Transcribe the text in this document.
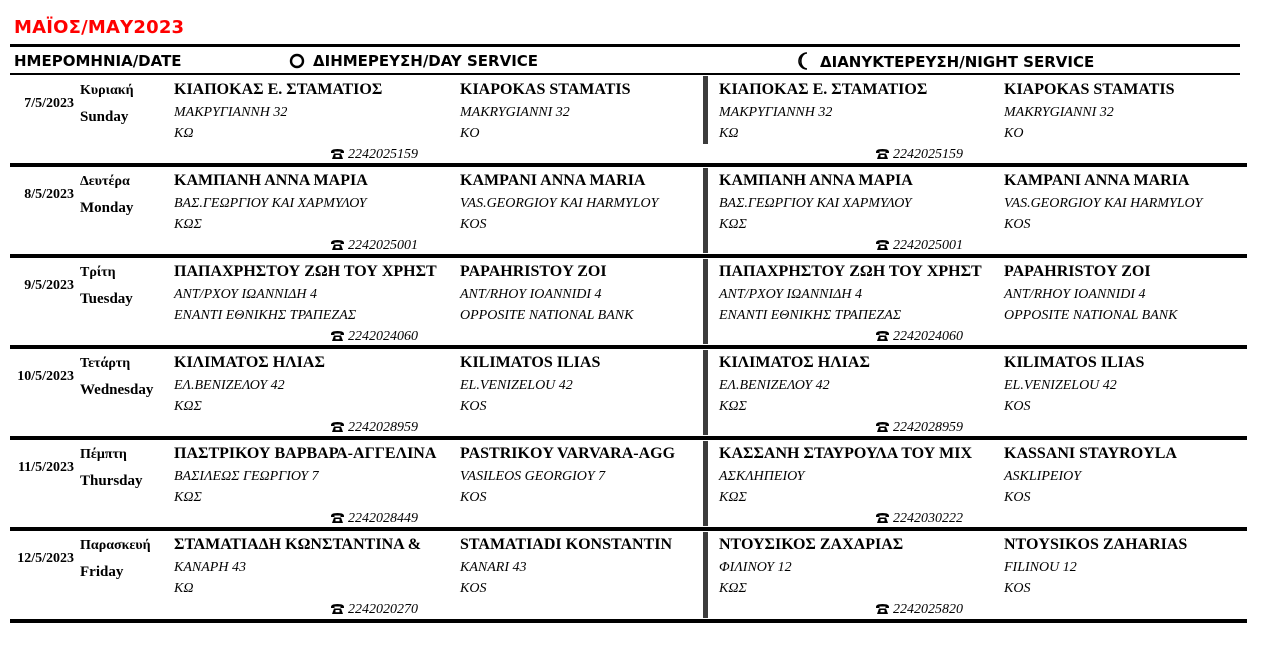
ΜΑΪΟΣ/ΜΑΥ2023
ΗΜΕΡΟΜΗΝΙΑ/DATE	ΔΙΗΜΕΡΕΥΣΗ/DAY SERVICE	ΔΙΑΝΥΚΤΕΡΕΥΣΗ/NIGHT SERVICE
7/5/2023
Κυριακή
Sunday
ΚΙΑΠΟΚΑΣ Ε. ΣΤΑΜΑΤΙΟΣ
ΜΑΚΡΥΓΙΑΝΝΗ 32
ΚΩ
KIAPOKAS STAMATIS
MAKRYGIANNI 32
KO
2242025159
ΚΙΑΠΟΚΑΣ Ε. ΣΤΑΜΑΤΙΟΣ
ΜΑΚΡΥΓΙΑΝΝΗ 32
ΚΩ
KIAPOKAS STAMATIS
MAKRYGIANNI 32
KO
2242025159
8/5/2023
Δευτέρα
Monday
ΚΑΜΠΑΝΗ ΑΝΝΑ ΜΑΡΙΑ
ΒΑΣ.ΓΕΩΡΓΙΟΥ ΚΑΙ ΧΑΡΜΥΛΟΥ
ΚΩΣ
KAMPANI ANNA MARIA
VAS.GEORGIOY KAI HARMYLOY
KOS
2242025001
ΚΑΜΠΑΝΗ ΑΝΝΑ ΜΑΡΙΑ
ΒΑΣ.ΓΕΩΡΓΙΟΥ ΚΑΙ ΧΑΡΜΥΛΟΥ
ΚΩΣ
KAMPANI ANNA MARIA
VAS.GEORGIOY KAI HARMYLOY
KOS
2242025001
9/5/2023
Τρίτη
Tuesday
ΠΑΠΑΧΡΗΣΤΟΥ ΖΩΗ ΤΟΥ ΧΡΗΣΤ
ΑΝΤ/ΡΧΟΥ ΙΩΑΝΝΙΔΗ 4
ΕΝΑΝΤΙ ΕΘΝΙΚΗΣ ΤΡΑΠΕΖΑΣ
PAPAHRISTOY ZOI
ANT/RHOY IOANNIDI 4
OPPOSITE NATIONAL BANK
2242024060
ΠΑΠΑΧΡΗΣΤΟΥ ΖΩΗ ΤΟΥ ΧΡΗΣΤ
ΑΝΤ/ΡΧΟΥ ΙΩΑΝΝΙΔΗ 4
ΕΝΑΝΤΙ ΕΘΝΙΚΗΣ ΤΡΑΠΕΖΑΣ
PAPAHRISTOY ZOI
ANT/RHOY IOANNIDI 4
OPPOSITE NATIONAL BANK
2242024060
10/5/2023
Τετάρτη
Wednesday
ΚΙΛΙΜΑΤΟΣ ΗΛΙΑΣ
ΕΛ.ΒΕΝΙΖΕΛΟΥ 42
ΚΩΣ
KILIMATOS ILIAS
EL.VENIZELOU 42
KOS
2242028959
ΚΙΛΙΜΑΤΟΣ ΗΛΙΑΣ
ΕΛ.ΒΕΝΙΖΕΛΟΥ 42
ΚΩΣ
KILIMATOS ILIAS
EL.VENIZELOU 42
KOS
2242028959
11/5/2023
Πέμπτη
Thursday
ΠΑΣΤΡΙΚΟΥ ΒΑΡΒΑΡΑ-ΑΓΓΕΛΙΝΑ
ΒΑΣΙΛΕΩΣ ΓΕΩΡΓΙΟΥ 7
ΚΩΣ
PASTRIKOY VARVARA-AGG
VASILEOS GEORGIOY 7
KOS
2242028449
ΚΑΣΣΑΝΗ ΣΤΑΥΡΟΥΛΑ ΤΟΥ ΜΙΧ
ΑΣΚΛΗΠΕΙΟΥ
ΚΩΣ
KASSANI STAYROYLA
ASKLIPEIOY
KOS
2242030222
12/5/2023
Παρασκευή
Friday
ΣΤΑΜΑΤΙΑΔΗ ΚΩΝΣΤΑΝΤΙΝΑ &
ΚΑΝΑΡΗ 43
ΚΩ
STAMATIADI KONSTANTIN
KANARI 43
KOS
2242020270
ΝΤΟΥΣΙΚΟΣ ΖΑΧΑΡΙΑΣ
ΦΙΛΙΝΟΥ 12
ΚΩΣ
NTOYSIKOS ZAHARIAS
FILINOU 12
KOS
2242025820
